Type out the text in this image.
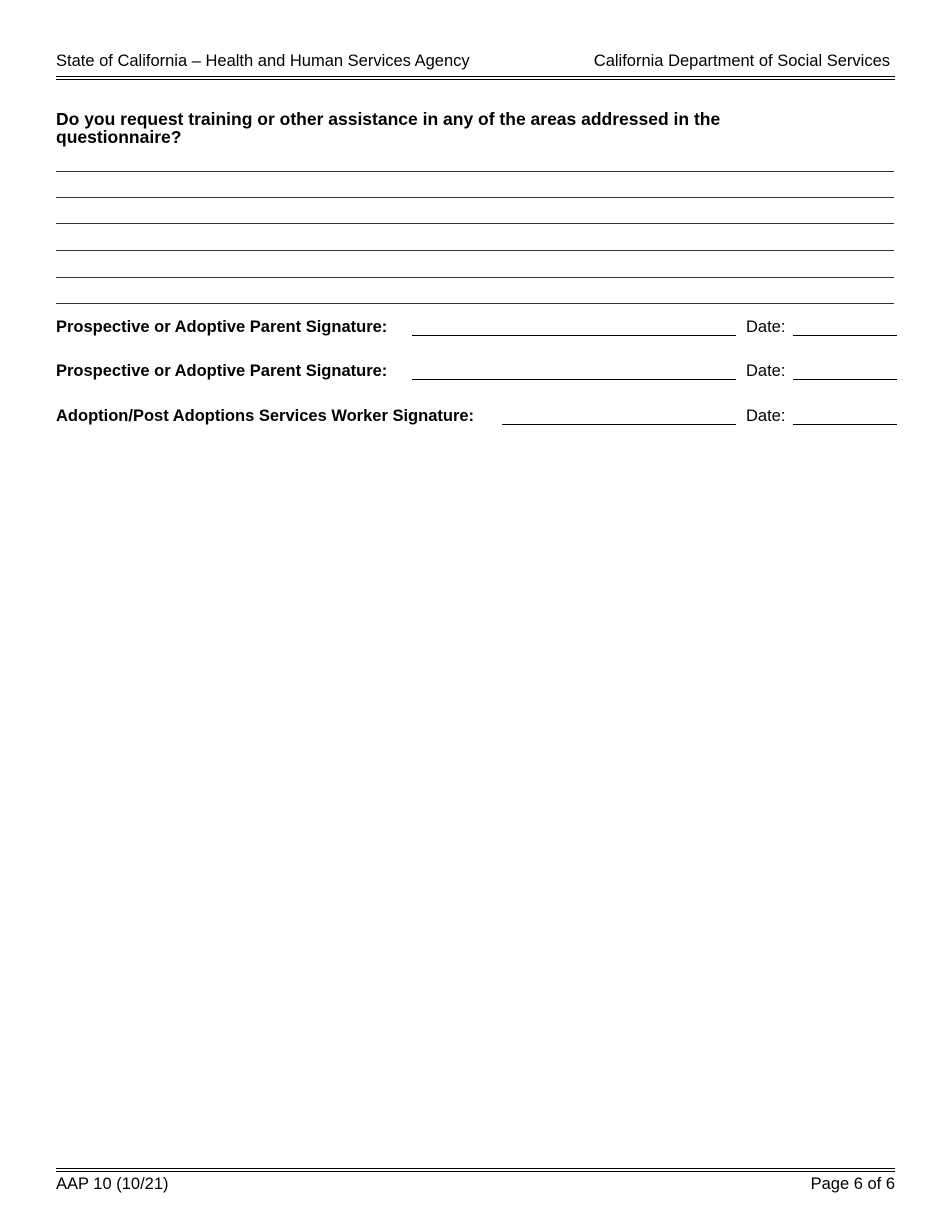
State of California – Health and Human Services Agency	California Department of Social Services
Do you request training or other assistance in any of the areas addressed in the questionnaire?
Prospective or Adoptive Parent Signature:	Date:
Prospective or Adoptive Parent Signature:	Date:
Adoption/Post Adoptions Services Worker Signature:	Date:
AAP 10 (10/21)	Page 6 of 6
